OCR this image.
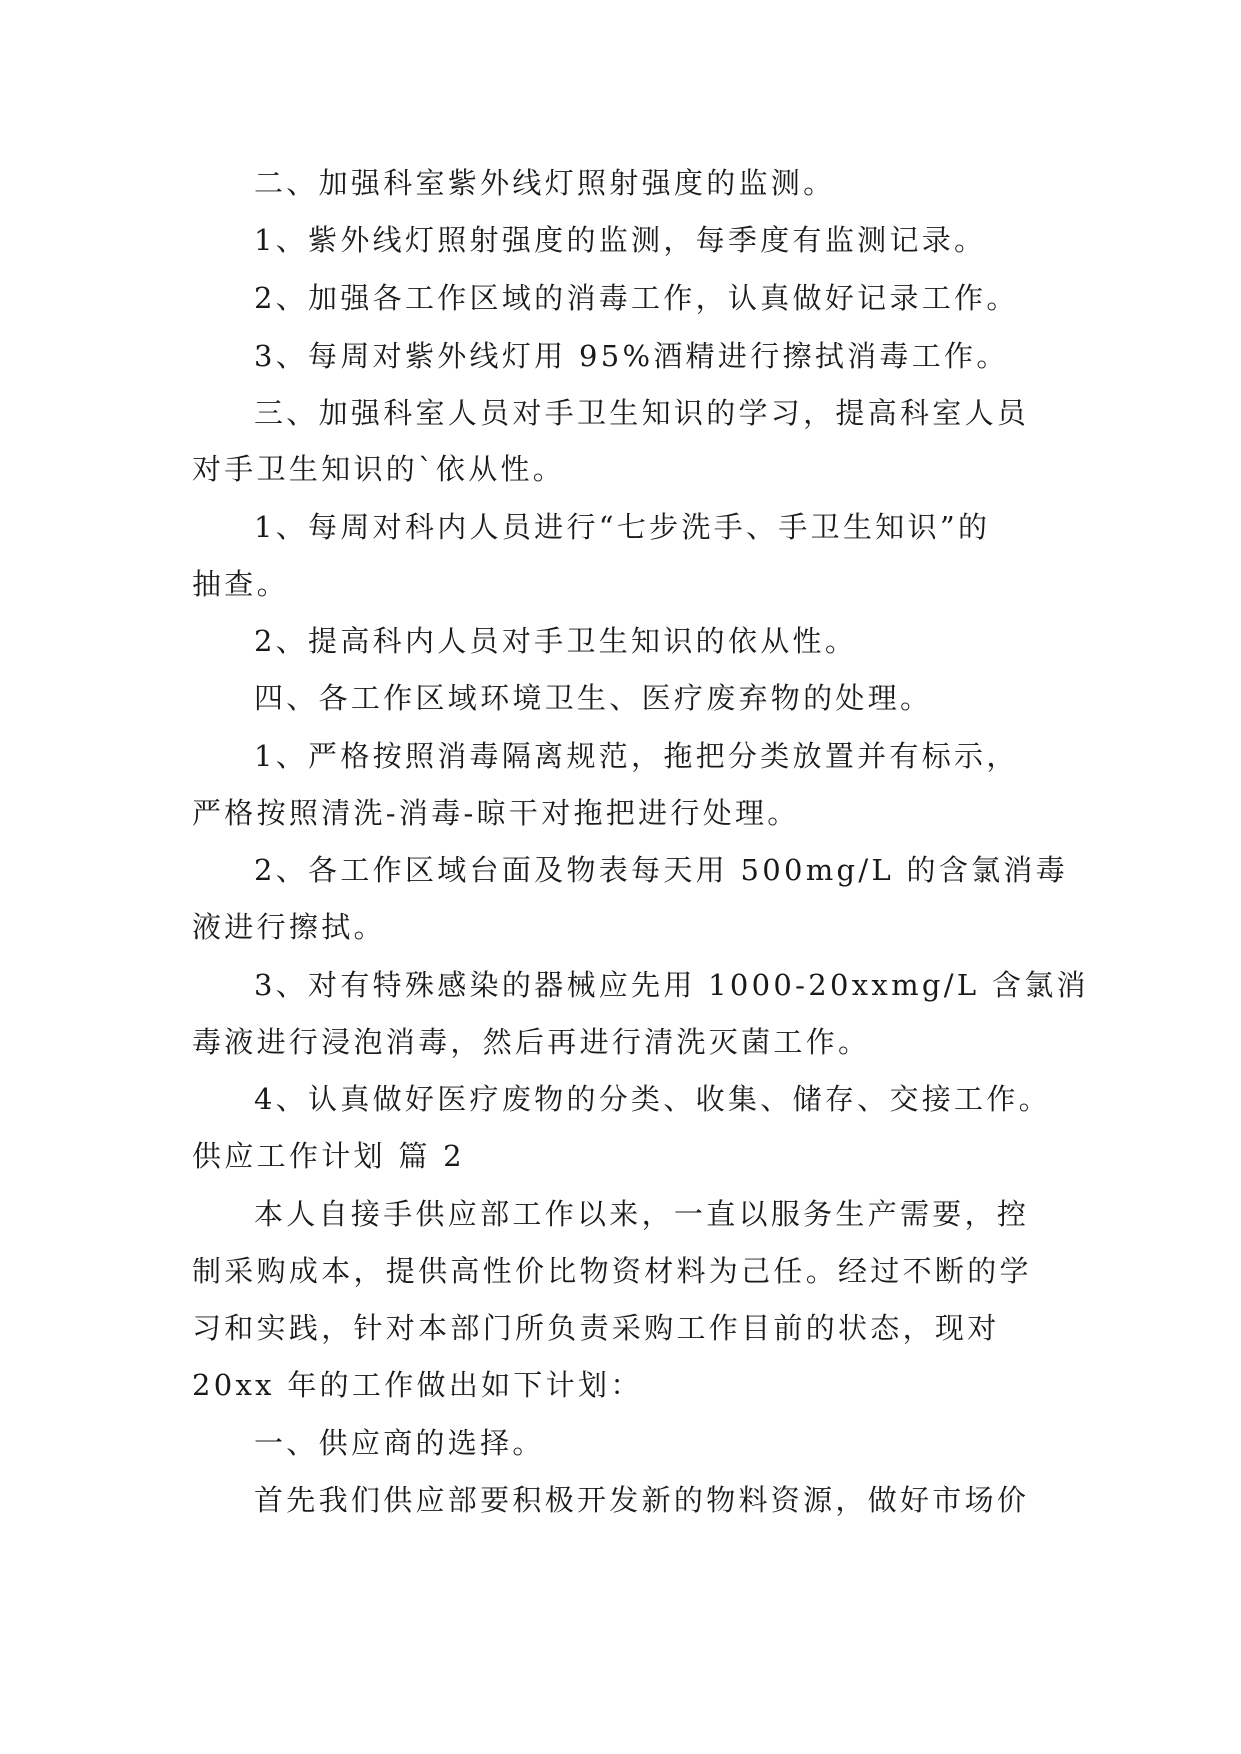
二、加强科室紫外线灯照射强度的监测。
1、紫外线灯照射强度的监测，每季度有监测记录。
2、加强各工作区域的消毒工作，认真做好记录工作。
3、每周对紫外线灯用 95%酒精进行擦拭消毒工作。
三、加强科室人员对手卫生知识的学习，提高科室人员
对手卫生知识的`依从性。
1、每周对科内人员进行“七步洗手、手卫生知识”的
抽查。
2、提高科内人员对手卫生知识的依从性。
四、各工作区域环境卫生、医疗废弃物的处理。
1、严格按照消毒隔离规范，拖把分类放置并有标示，
严格按照清洗-消毒-晾干对拖把进行处理。
2、各工作区域台面及物表每天用 500mg/L 的含氯消毒
液进行擦拭。
3、对有特殊感染的器械应先用 1000-20xxmg/L 含氯消
毒液进行浸泡消毒，然后再进行清洗灭菌工作。
4、认真做好医疗废物的分类、收集、储存、交接工作。
供应工作计划 篇 2
本人自接手供应部工作以来，一直以服务生产需要，控
制采购成本，提供高性价比物资材料为己任。经过不断的学
习和实践，针对本部门所负责采购工作目前的状态，现对
20xx 年的工作做出如下计划：
一、供应商的选择。
首先我们供应部要积极开发新的物料资源，做好市场价
